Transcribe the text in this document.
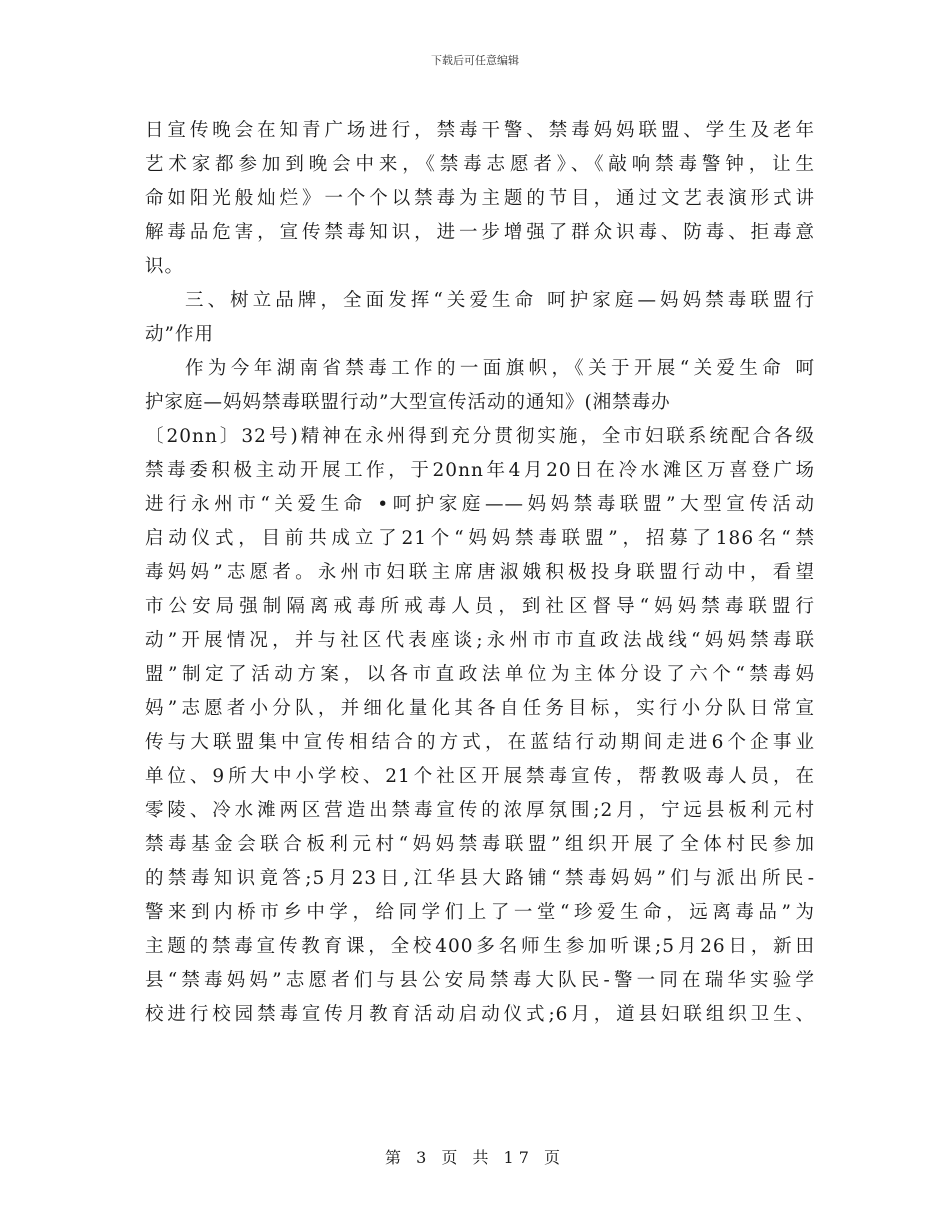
下载后可任意编辑
日宣传晚会在知青广场进行，禁毒干警、禁毒妈妈联盟、学生及老年
艺术家都参加到晚会中来，《禁毒志愿者》、《敲响禁毒警钟，让生
命如阳光般灿烂》一个个以禁毒为主题的节目，通过文艺表演形式讲
解毒品危害，宣传禁毒知识，进一步增强了群众识毒、防毒、拒毒意
识。
三、树立品牌，全面发挥“关爱生命 呵护家庭—妈妈禁毒联盟行
动”作用
作为今年湖南省禁毒工作的一面旗帜，《关于开展“关爱生命 呵
护家庭—妈妈禁毒联盟行动”大型宣传活动的通知》(湘禁毒办
〔20nn〕32号)精神在永州得到充分贯彻实施，全市妇联系统配合各级
禁毒委积极主动开展工作，于20nn年4月20日在冷水滩区万喜登广场
进行永州市“关爱生命 •呵护家庭——妈妈禁毒联盟”大型宣传活动
启动仪式，目前共成立了21个“妈妈禁毒联盟”，招募了186名“禁
毒妈妈”志愿者。永州市妇联主席唐淑娥积极投身联盟行动中，看望
市公安局强制隔离戒毒所戒毒人员，到社区督导“妈妈禁毒联盟行
动”开展情况，并与社区代表座谈;永州市市直政法战线“妈妈禁毒联
盟”制定了活动方案，以各市直政法单位为主体分设了六个“禁毒妈
妈”志愿者小分队，并细化量化其各自任务目标，实行小分队日常宣
传与大联盟集中宣传相结合的方式，在蓝结行动期间走进6个企事业
单位、9所大中小学校、21个社区开展禁毒宣传，帮教吸毒人员，在
零陵、冷水滩两区营造出禁毒宣传的浓厚氛围;2月，宁远县板利元村
禁毒基金会联合板利元村“妈妈禁毒联盟”组织开展了全体村民参加
的禁毒知识竟答;5月23日,江华县大路铺“禁毒妈妈”们与派出所民-
警来到内桥市乡中学，给同学们上了一堂“珍爱生命，远离毒品”为
主题的禁毒宣传教育课，全校400多名师生参加听课;5月26日，新田
县“禁毒妈妈”志愿者们与县公安局禁毒大队民-警一同在瑞华实验学
校进行校园禁毒宣传月教育活动启动仪式;6月，道县妇联组织卫生、
第 3 页 共 17 页
